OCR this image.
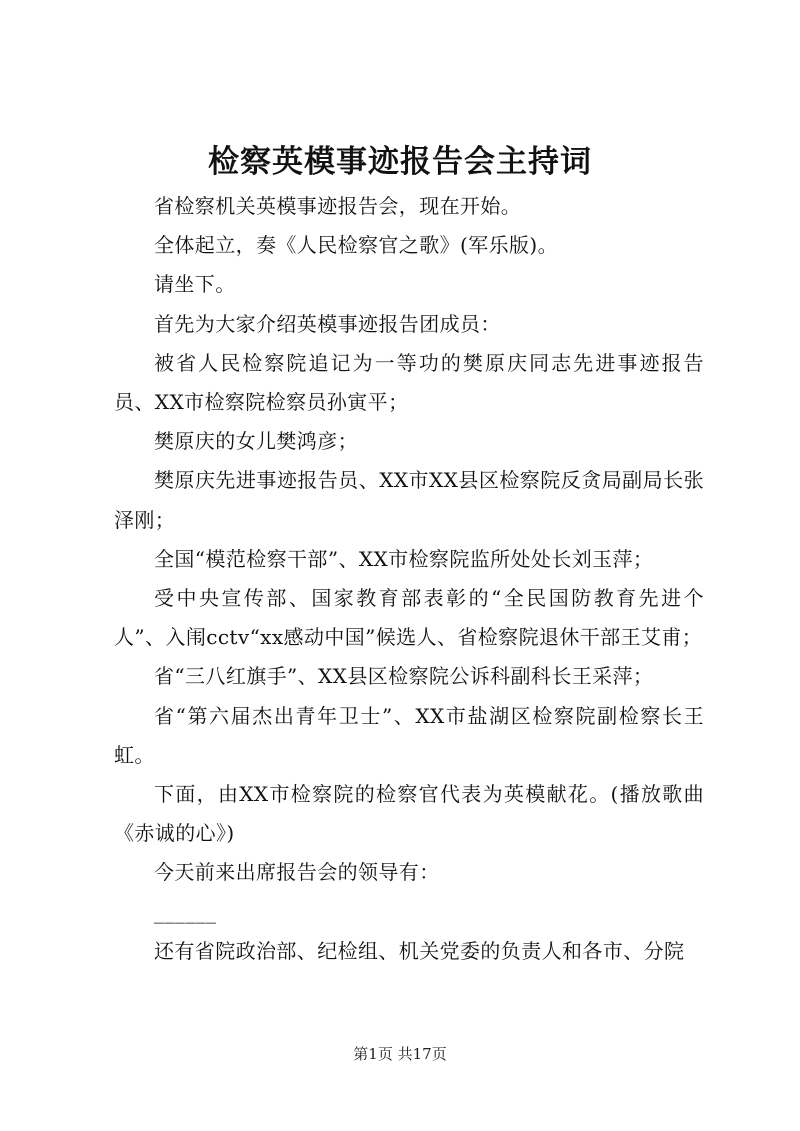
检察英模事迹报告会主持词

省检察机关英模事迹报告会，现在开始。

全体起立，奏《人民检察官之歌》(军乐版)。

请坐下。

首先为大家介绍英模事迹报告团成员：

被省人民检察院追记为一等功的樊原庆同志先进事迹报告员、XX市检察院检察员孙寅平；

樊原庆的女儿樊鸿彦；

樊原庆先进事迹报告员、XX市XX县区检察院反贪局副局长张泽刚；

全国“模范检察干部”、XX市检察院监所处处长刘玉萍；

受中央宣传部、国家教育部表彰的“全民国防教育先进个人”、入闱cctv“xx感动中国”候选人、省检察院退休干部王艾甫；

省“三八红旗手”、XX县区检察院公诉科副科长王采萍；

省“第六届杰出青年卫士”、XX市盐湖区检察院副检察长王虹。

下面，由XX市检察院的检察官代表为英模献花。(播放歌曲《赤诚的心》)

今天前来出席报告会的领导有：

______

还有省院政治部、纪检组、机关党委的负责人和各市、分院

第1页 共17页
